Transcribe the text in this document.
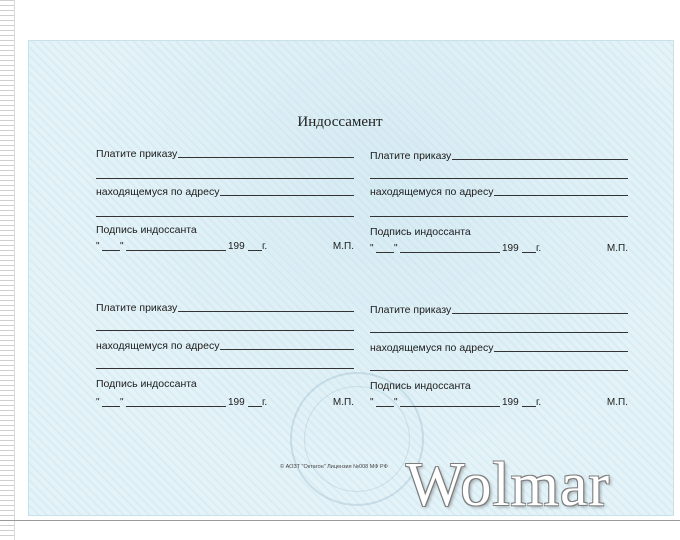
Индоссамент
Платите приказу
находящемуся по адресу
Подпись индоссанта
" "	199 г.	М.П.
Платите приказу
находящемуся по адресу
Подпись индоссанта
" "	199 г.	М.П.
Платите приказу
находящемуся по адресу
Подпись индоссанта
" "	199 г.	М.П.
Платите приказу
находящемуся по адресу
Подпись индоссанта
" "	199 г.	М.П.
© АОЗТ "Октагон" Лицензия №008 МФ РФ Wolmar
